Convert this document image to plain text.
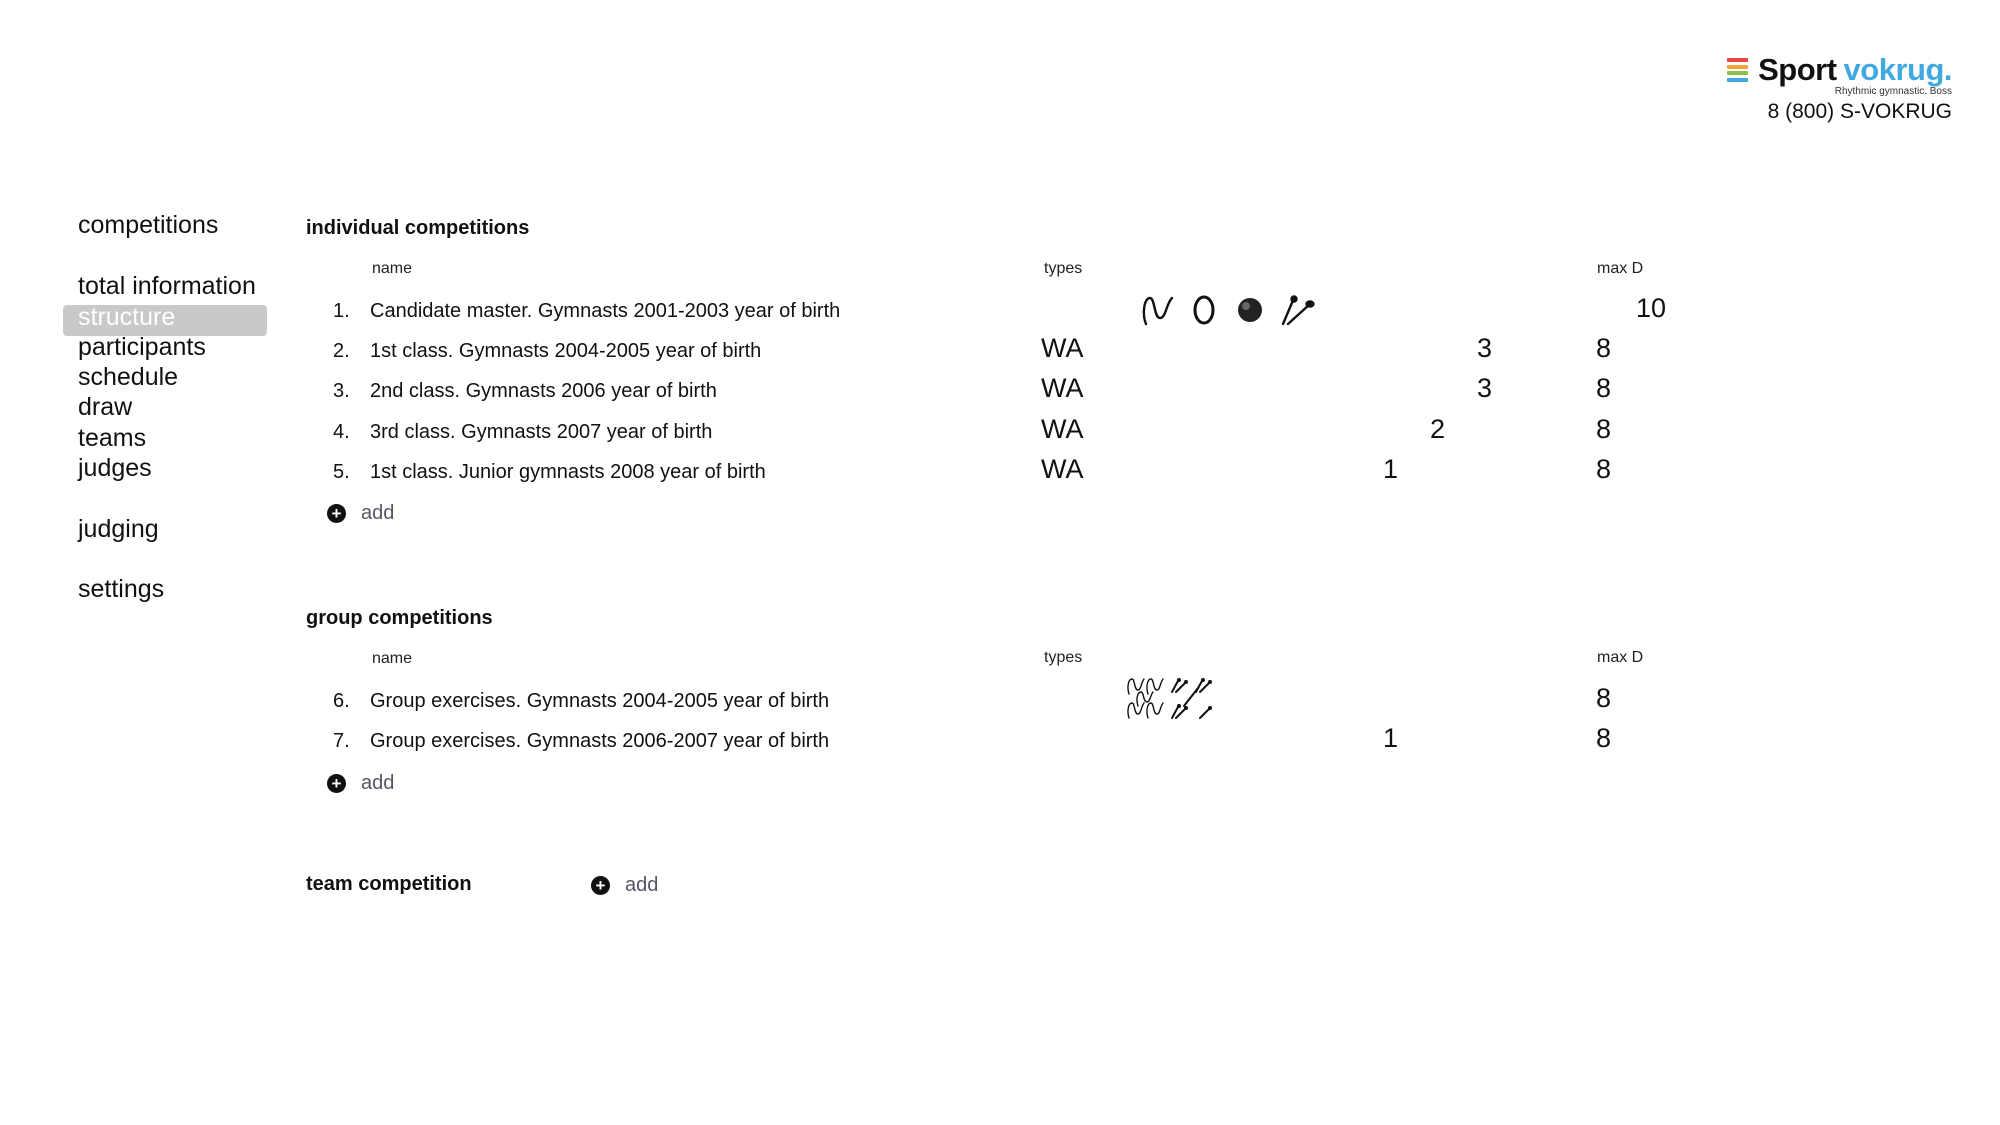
Sport vokrug.
Rhythmic gymnastic. Boss
8 (800) S-VOKRUG
competitions
total information
structure
participants
schedule
draw
teams
judges
judging
settings
individual competitions
name	types	max D
1. Candidate master. Gymnasts 2001-2003 year of birth	10
2. 1st class. Gymnasts 2004-2005 year of birth	WA	3	8
3. 2nd class. Gymnasts 2006 year of birth	WA	3	8
4. 3rd class. Gymnasts 2007 year of birth	WA	2	8
5. 1st class. Junior gymnasts 2008 year of birth	WA	1	8
+ add
group competitions
name	types	max D
6. Group exercises. Gymnasts 2004-2005 year of birth	8
7. Group exercises. Gymnasts 2006-2007 year of birth	1	8
+ add
team competition	+ add
